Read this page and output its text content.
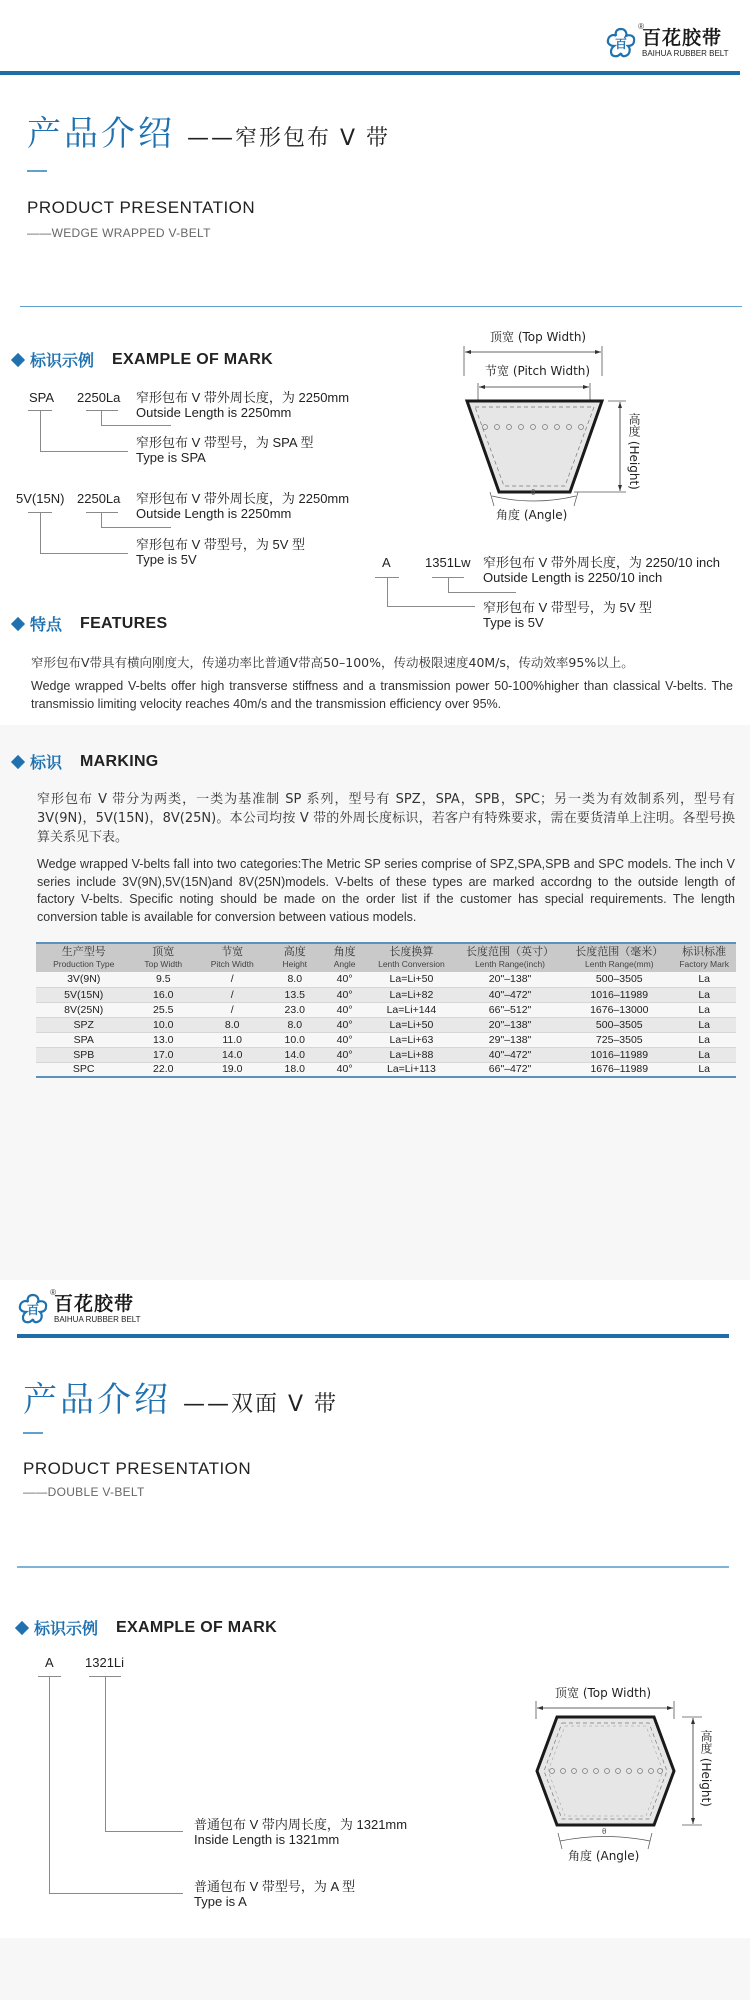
百
®
百花胶带
BAIHUA RUBBER BELT
产品介绍 ——窄形包布 V 带
PRODUCT PRESENTATION
——WEDGE WRAPPED V-BELT
标识示例 EXAMPLE OF MARK
SPA 2250La 窄形包布 V 带外周长度，为 2250mm
Outside Length is 2250mm
窄形包布 V 带型号，为 SPA 型
Type is SPA
5V(15N) 2250La 窄形包布 V 带外周长度，为 2250mm
Outside Length is 2250mm
窄形包布 V 带型号，为 5V 型
Type is 5V	A	1351Lw 窄形包布 V 带外周长度，为 2250/10 inch
Outside Length is 2250/10 inch
窄形包布 V 带型号，为 5V 型
Type is 5V
顶宽 (Top Width)
节宽 (Pitch Width)
高度 (Height)
θ
角度 (Angle)
特点 FEATURES
窄形包布Ⅴ带具有横向刚度大，传递功率比普通Ⅴ带高50–100%，传动极限速度40M/s，传动效率95%以上。
Wedge wrapped V-belts offer high transverse stiffness and a transmission power 50-100%higher than classical V-belts. The transmissio limiting velocity reaches 40m/s and the transmission efficiency over 95%.
标识 MARKING
窄形包布 V 带分为两类，一类为基准制 SP 系列，型号有 SPZ，SPA，SPB，SPC；另一类为有效制系列，型号有 3V(9N)，5V(15N)，8V(25N)。本公司均按 V 带的外周长度标识，若客户有特殊要求，需在要货清单上注明。各型号换算关系见下表。
Wedge wrapped V-belts fall into two categories:The Metric SP series comprise of SPZ,SPA,SPB and SPC models. The inch V series include 3V(9N),5V(15N)and 8V(25N)models. V-belts of these types are marked accordng to the outside length of factory V-belts. Specific noting should be made on the order list if the customer has special requirements. The length conversion table is available for conversion between vatious models.
生产型号
Production Type	顶宽
Top Width	节宽
Pitch Width	高度
Height	角度
Angle	长度换算
Lenth Conversion	长度范围（英寸）
Lenth Range(inch)	长度范围（毫米）
Lenth Range(mm)	标识标准
Factory Mark

3V(9N)	9.5	/	8.0	40°	La=Li+50	20"–138"	500–3505	La
5V(15N)	16.0	/	13.5	40°	La=Li+82	40"–472"	1016–11989	La
8V(25N)	25.5	/	23.0	40°	La=Li+144	66"–512"	1676–13000	La
SPZ	10.0	8.0	8.0	40°	La=Li+50	20"–138"	500–3505	La
SPA	13.0	11.0	10.0	40°	La=Li+63	29"–138"	725–3505	La
SPB	17.0	14.0	14.0	40°	La=Li+88	40"–472"	1016–11989	La
SPC	22.0	19.0	18.0	40°	La=Li+113	66"–472"	1676–11989	La
百
®
百花胶带
BAIHUA RUBBER BELT
产品介绍 ——双面 V 带
PRODUCT PRESENTATION
——DOUBLE V-BELT
标识示例 EXAMPLE OF MARK
A 1321Li
普通包布 V 带内周长度，为 1321mm
Inside Length is 1321mm
普通包布 V 带型号，为 A 型
Type is A
顶宽 (Top Width)
高度 (Height)
θ
角度 (Angle)
